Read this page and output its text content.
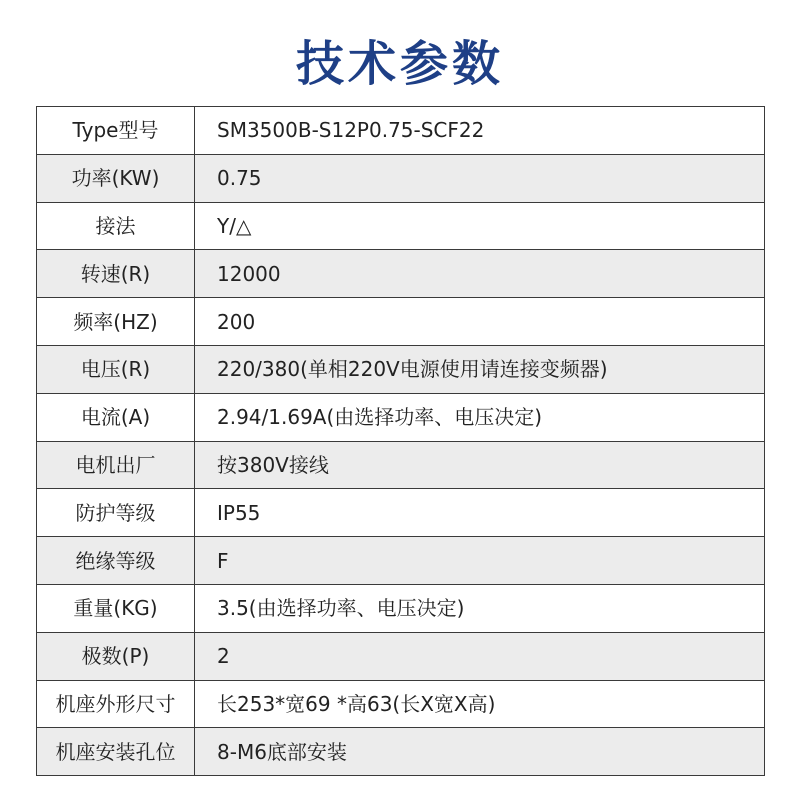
技术参数
Type型号	SM3500B-S12P0.75-SCF22
功率(KW)	0.75
接法	Y/△
转速(R)	12000
频率(HZ)	200
电压(R)	220/380(单相220V电源使用请连接变频器)
电流(A)	2.94/1.69A(由选择功率、电压决定)
电机出厂	按380V接线
防护等级	IP55
绝缘等级	F
重量(KG)	3.5(由选择功率、电压决定)
极数(P)	2
机座外形尺寸	长253*宽69 *高63(长X宽X高)
机座安装孔位	8-M6底部安装
